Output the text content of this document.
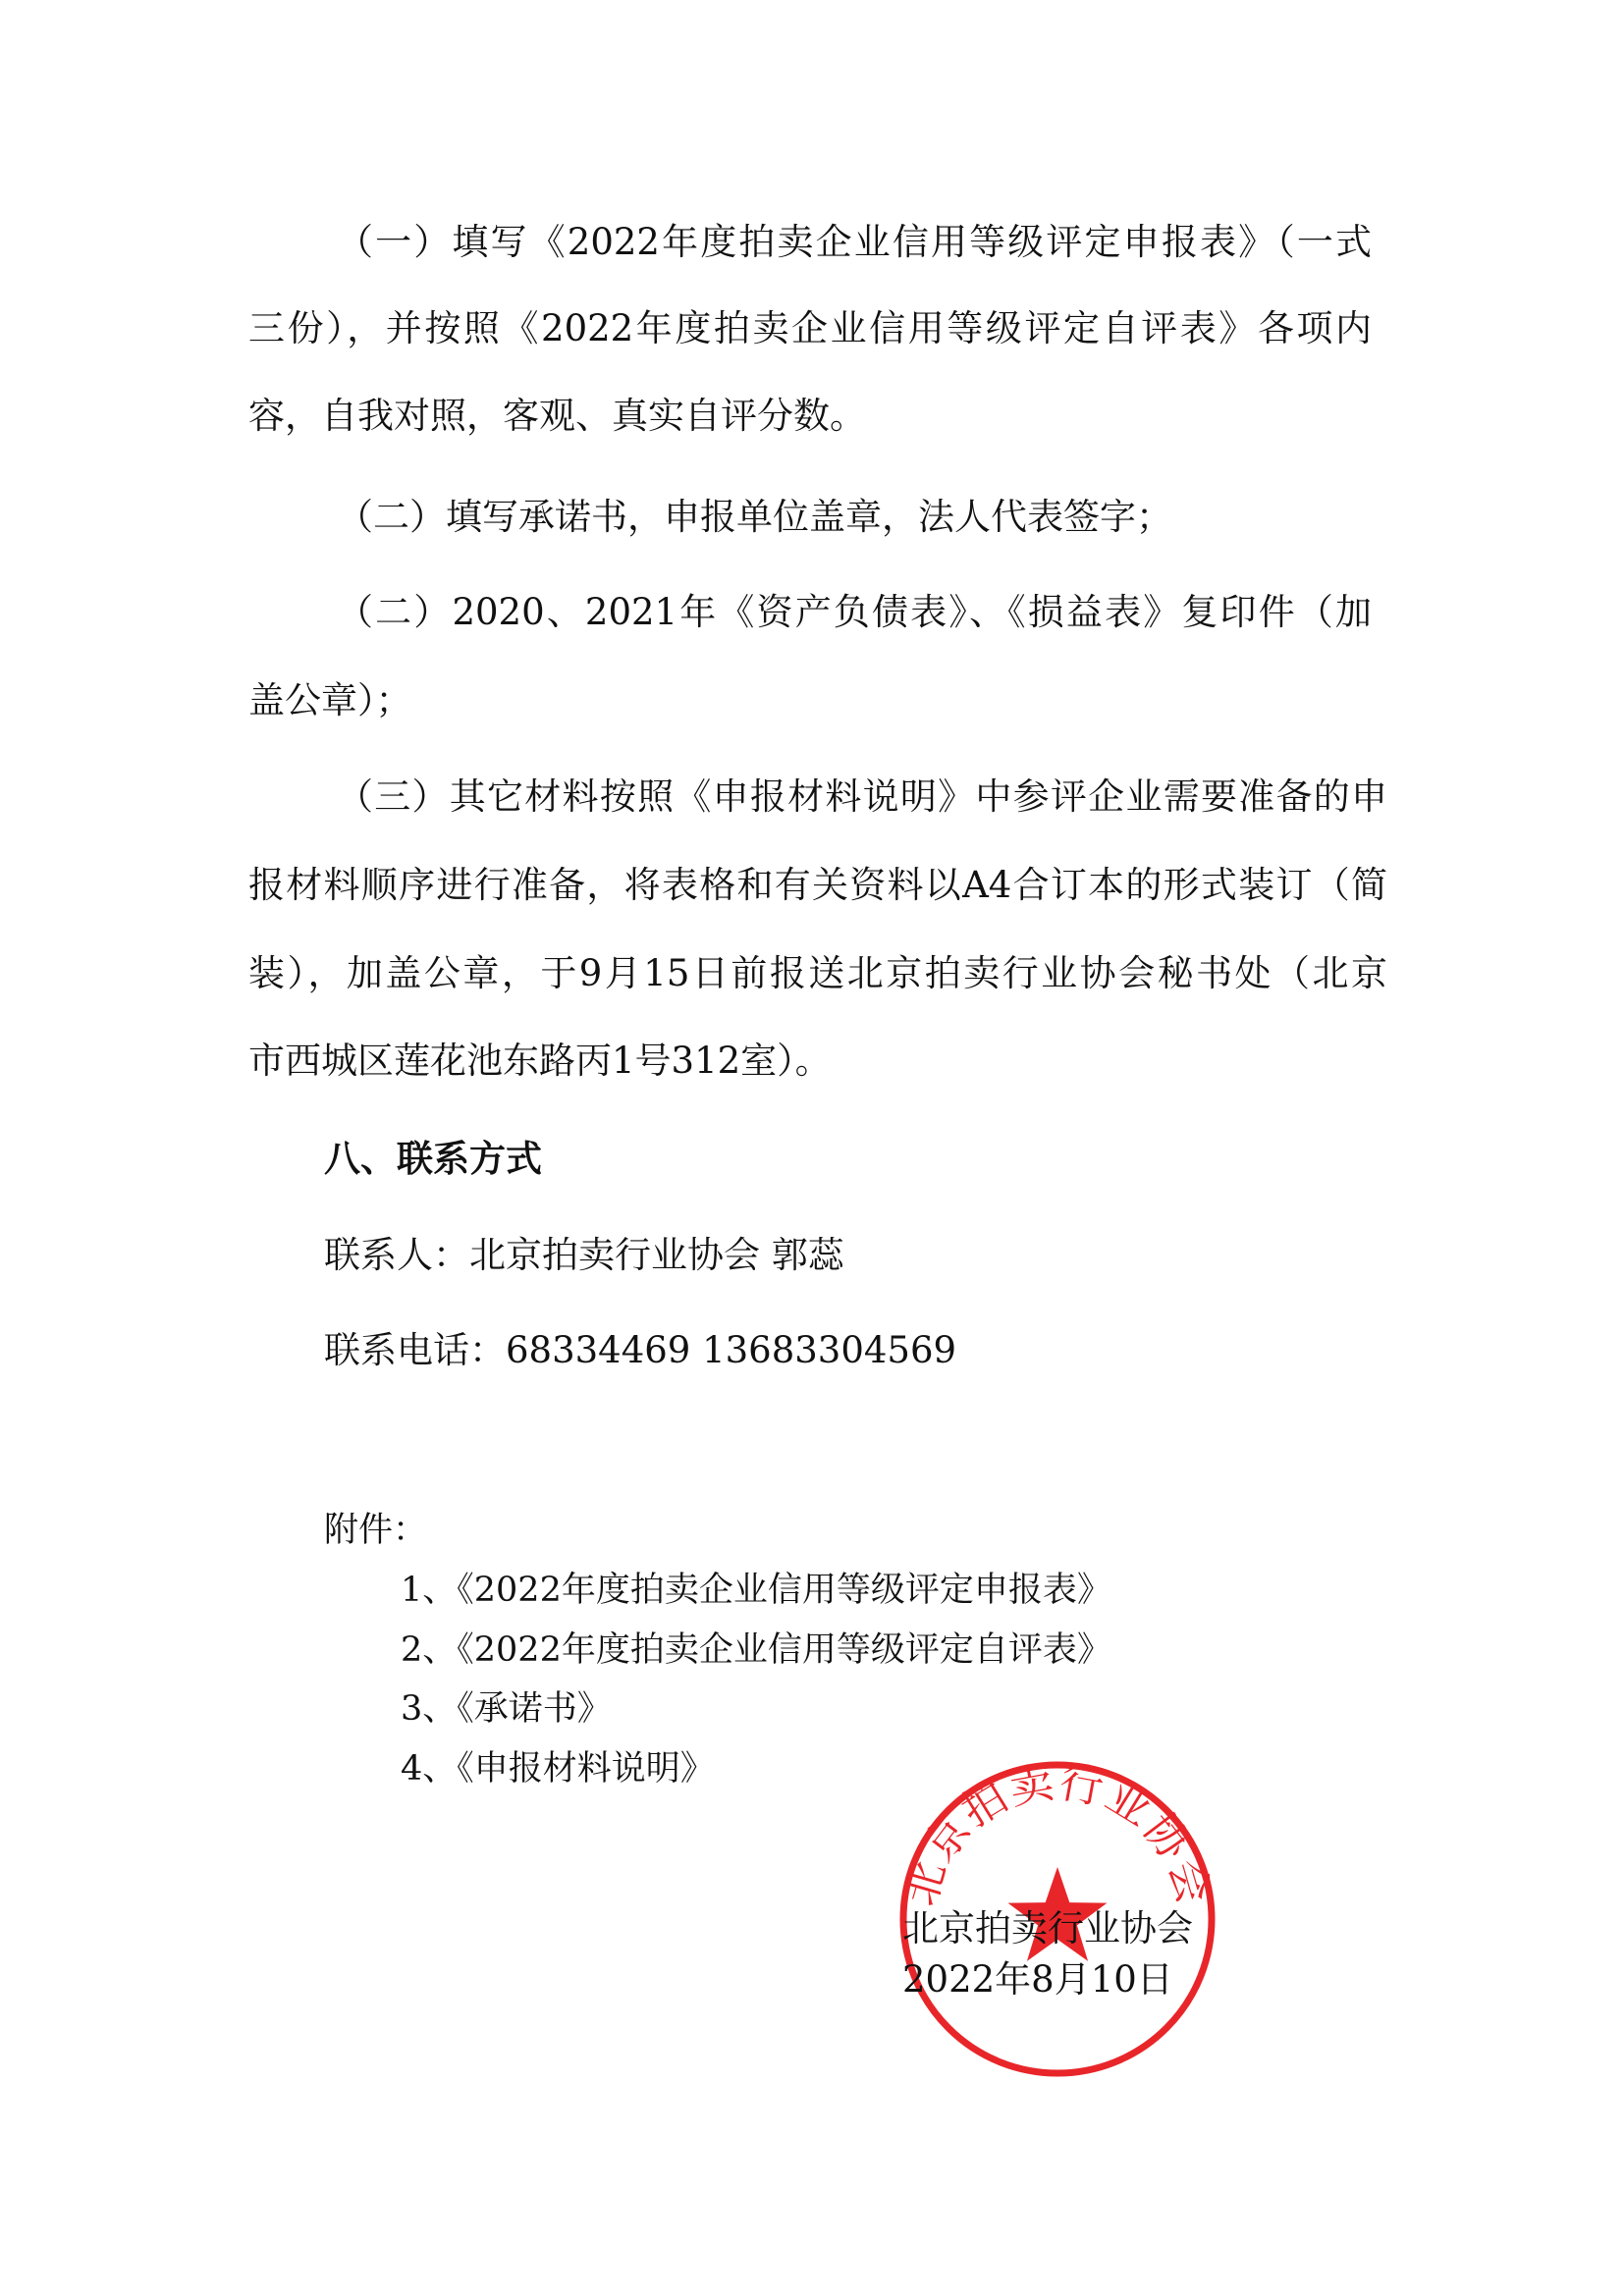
（一）填写《2022年度拍卖企业信用等级评定申报表》（一式
三份），并按照《2022年度拍卖企业信用等级评定自评表》各项内
容，自我对照，客观、真实自评分数。
（二）填写承诺书，申报单位盖章，法人代表签字；
（二）2020、2021年《资产负债表》、《损益表》复印件（加
盖公章）；
（三）其它材料按照《申报材料说明》中参评企业需要准备的申
报材料顺序进行准备，将表格和有关资料以A4合订本的形式装订（简
装），加盖公章，于9月15日前报送北京拍卖行业协会秘书处（北京
市西城区莲花池东路丙1号312室）。
八、联系方式
联系人：北京拍卖行业协会 郭蕊
联系电话：68334469 13683304569
附件：
1、《2022年度拍卖企业信用等级评定申报表》
2、《2022年度拍卖企业信用等级评定自评表》
3、《承诺书》
4、《申报材料说明》
北京拍卖行业协会
北京拍卖行业协会
2022年8月10日
